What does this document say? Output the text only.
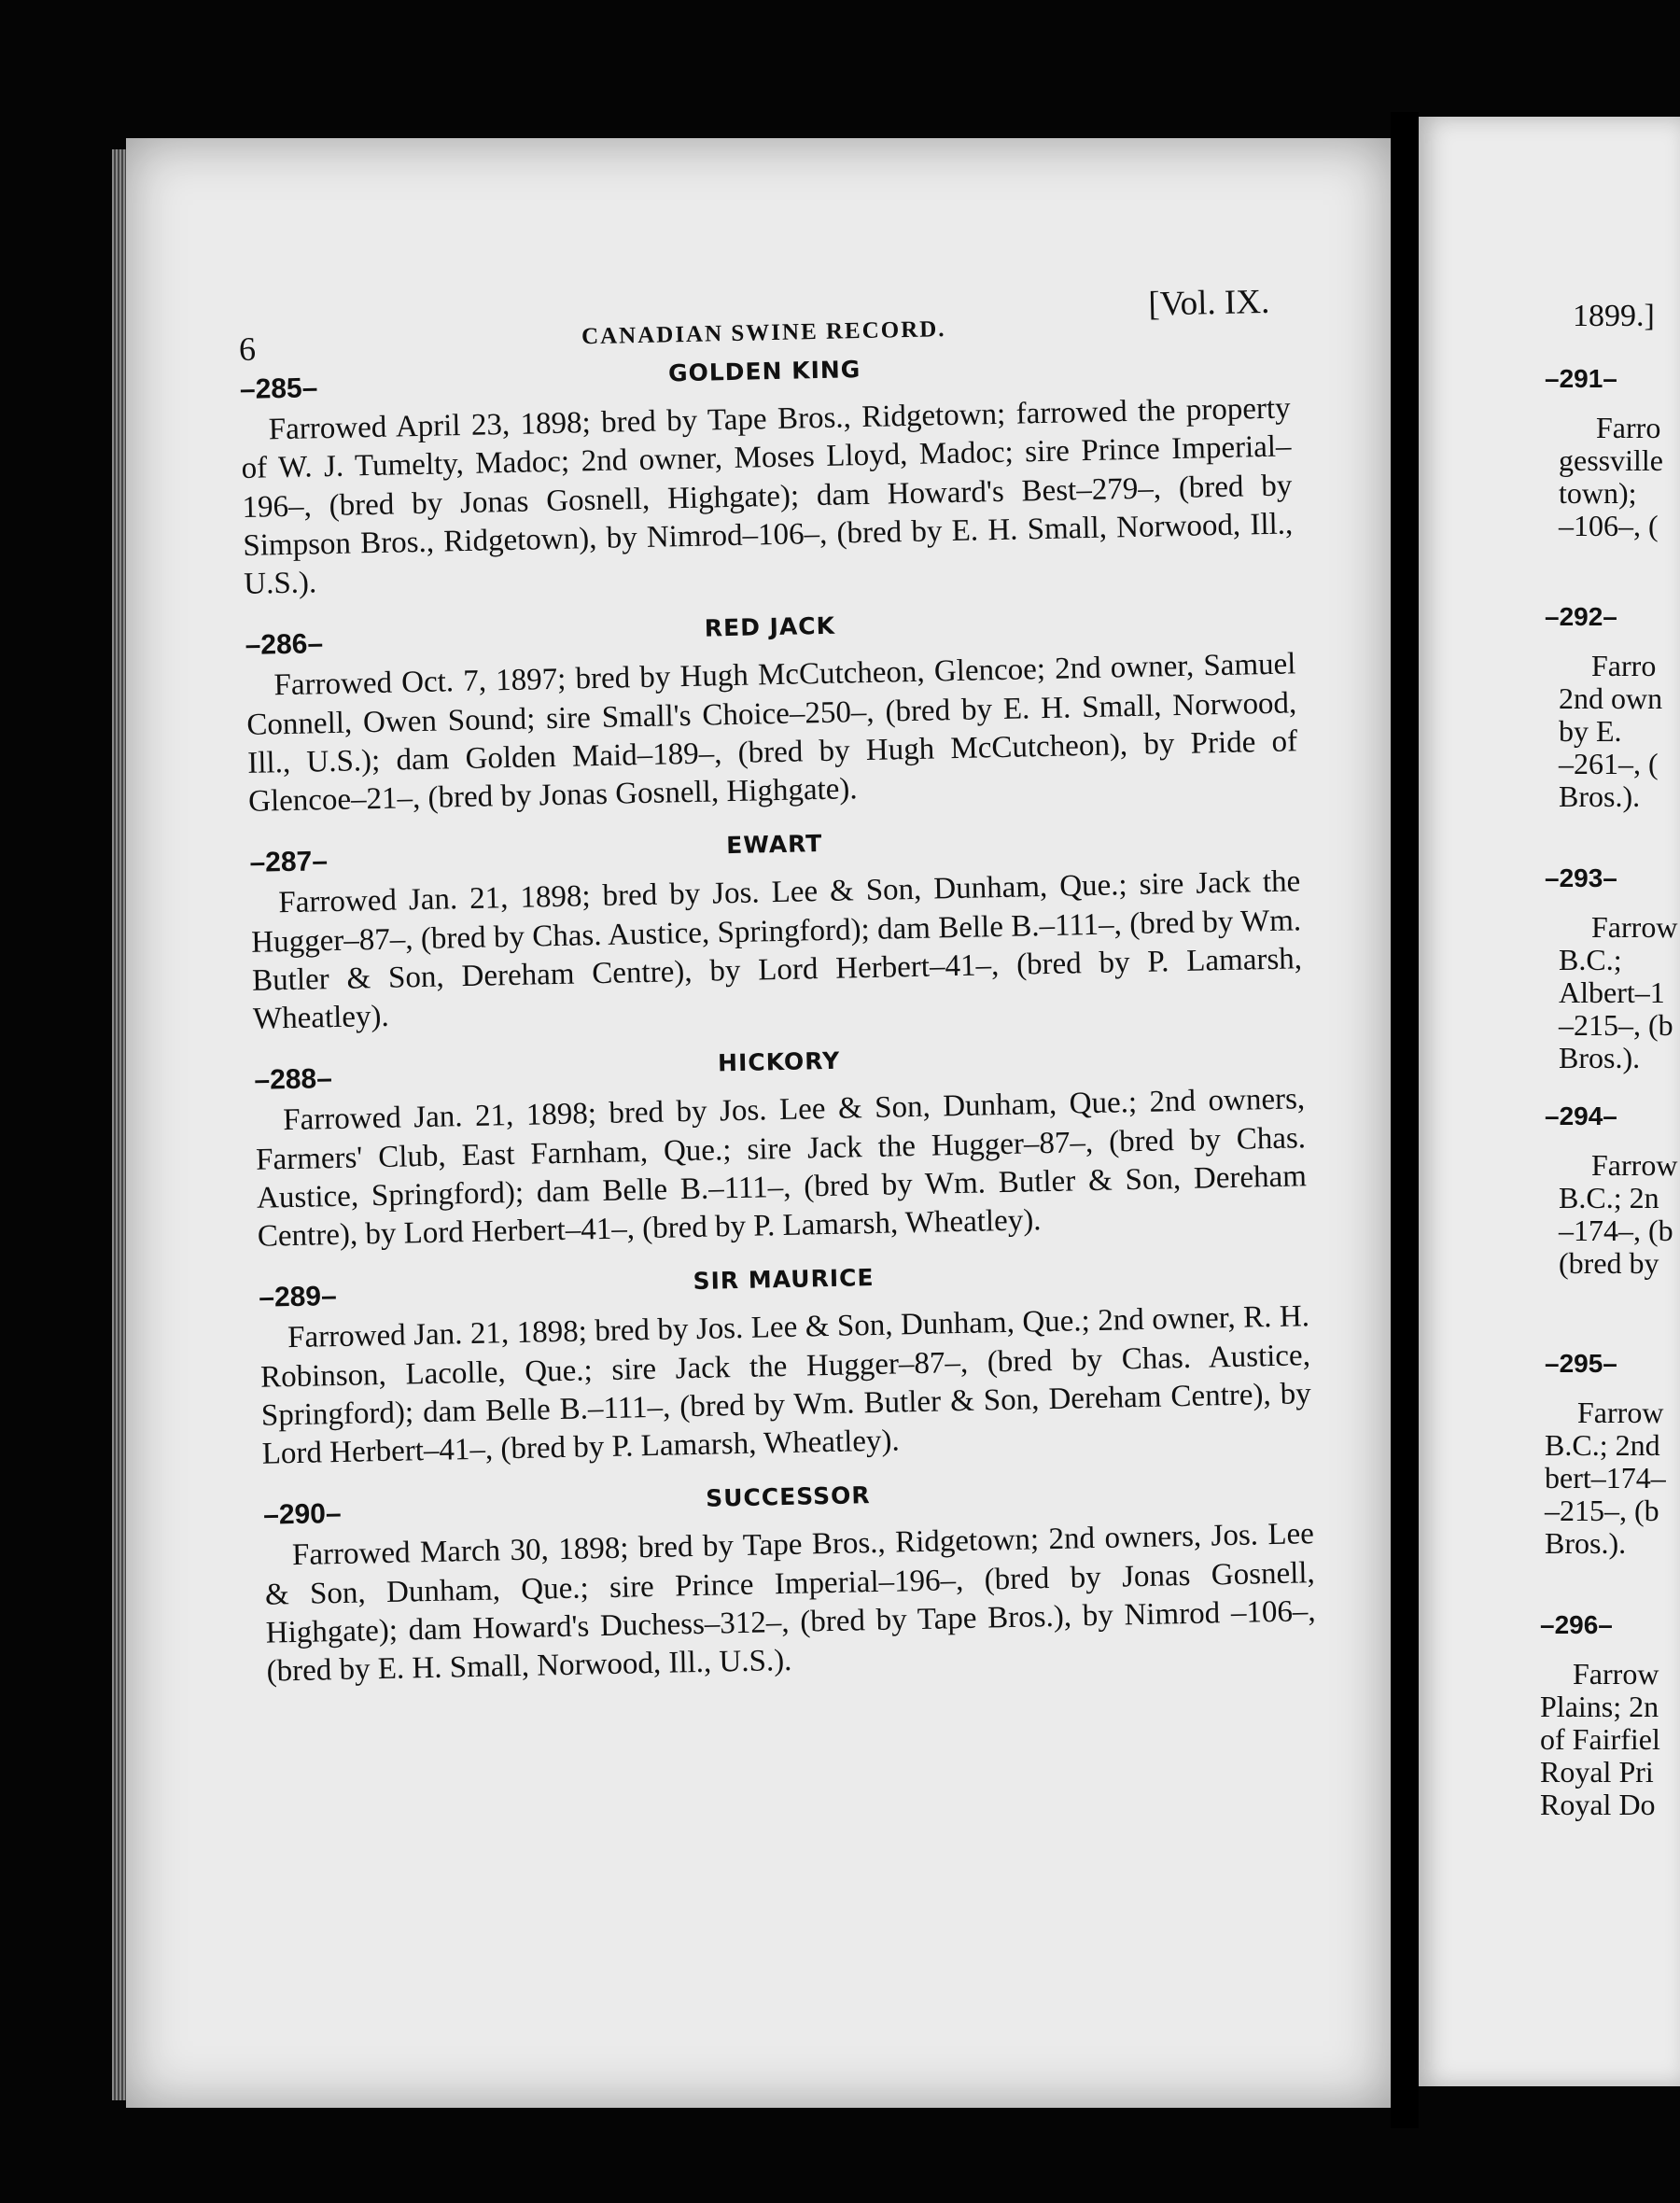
6	CANADIAN SWINE RECORD.
[Vol. IX.
–285–
GOLDEN KING

Farrowed April 23, 1898; bred by Tape Bros., Ridgetown; farrowed the property of W. J. Tumelty, Madoc; 2nd owner, Moses Lloyd, Madoc; sire Prince Imperial–196–, (bred by Jonas Gosnell, Highgate); dam Howard's Best–279–, (bred by Simpson Bros., Ridgetown), by Nimrod–106–, (bred by E. H. Small, Norwood, Ill., U.S.).

–286–
RED JACK

Farrowed Oct. 7, 1897; bred by Hugh McCutcheon, Glencoe; 2nd owner, Samuel Connell, Owen Sound; sire Small's Choice–250–, (bred by E. H. Small, Norwood, Ill., U.S.); dam Golden Maid–189–, (bred by Hugh McCutcheon), by Pride of Glencoe–21–, (bred by Jonas Gosnell, Highgate).

–287–
EWART

Farrowed Jan. 21, 1898; bred by Jos. Lee & Son, Dunham, Que.; sire Jack the Hugger–87–, (bred by Chas. Austice, Springford); dam Belle B.–111–, (bred by Wm. Butler & Son, Dereham Centre), by Lord Herbert–41–, (bred by P. Lamarsh, Wheatley).

–288–
HICKORY

Farrowed Jan. 21, 1898; bred by Jos. Lee & Son, Dunham, Que.; 2nd owners, Farmers' Club, East Farnham, Que.; sire Jack the Hugger–87–, (bred by Chas. Austice, Springford); dam Belle B.–111–, (bred by Wm. Butler & Son, Dereham Centre), by Lord Herbert–41–, (bred by P. Lamarsh, Wheatley).

–289–
SIR MAURICE

Farrowed Jan. 21, 1898; bred by Jos. Lee & Son, Dunham, Que.; 2nd owner, R. H. Robinson, Lacolle, Que.; sire Jack the Hugger–87–, (bred by Chas. Austice, Springford); dam Belle B.–111–, (bred by Wm. Butler & Son, Dereham Centre), by Lord Herbert–41–, (bred by P. Lamarsh, Wheatley).

–290–
SUCCESSOR

Farrowed March 30, 1898; bred by Tape Bros., Ridgetown; 2nd owners, Jos. Lee & Son, Dunham, Que.; sire Prince Imperial–196–, (bred by Jonas Gosnell, Highgate); dam Howard's Duchess–312–, (bred by Tape Bros.), by Nimrod –106–, (bred by E. H. Small, Norwood, Ill., U.S.).

1899.]
–291–
Farro
gessville
town);
–106–, (
–292–
Farro
2nd own
by E.
–261–, (
Bros.).
–293–
Farrow
B.C.;
Albert–1
–215–, (b
Bros.).
–294–
Farrow
B.C.; 2n
–174–, (b
(bred by
–295–
Farrow
B.C.; 2nd
bert–174–
–215–, (b
Bros.).
–296–
Farrow
Plains; 2n
of Fairfiel
Royal Pri
Royal Do
